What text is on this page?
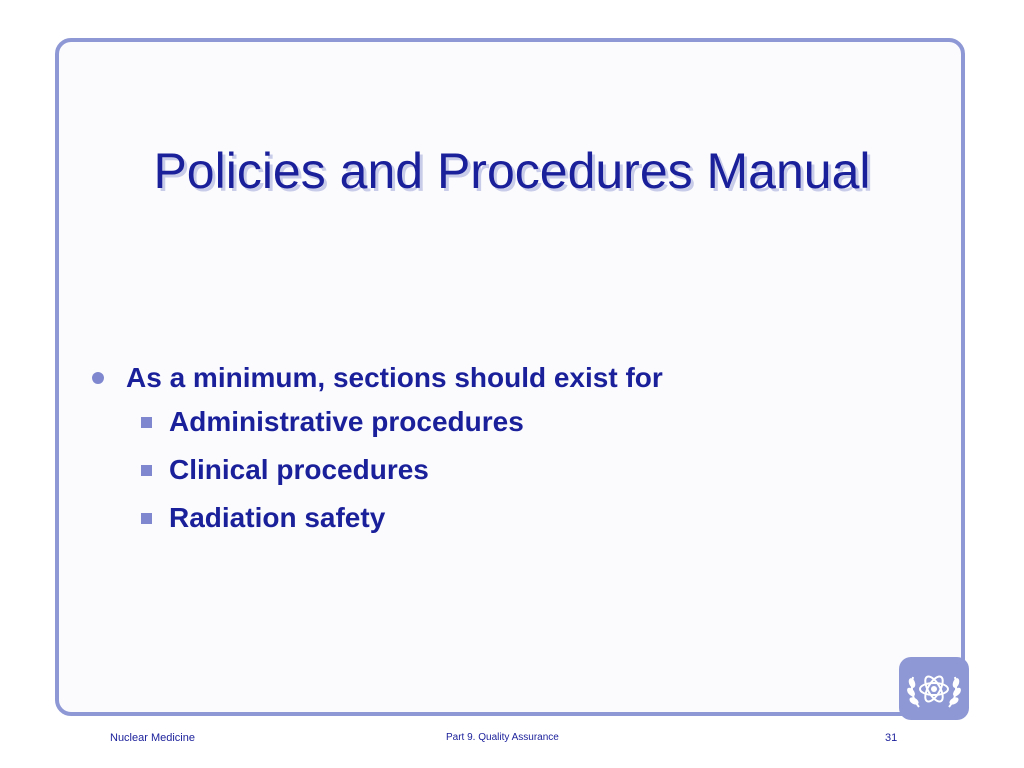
Policies and Procedures Manual
As a minimum, sections should exist for
Administrative procedures
Clinical procedures
Radiation safety
Nuclear Medicine	Part 9. Quality Assurance	31
